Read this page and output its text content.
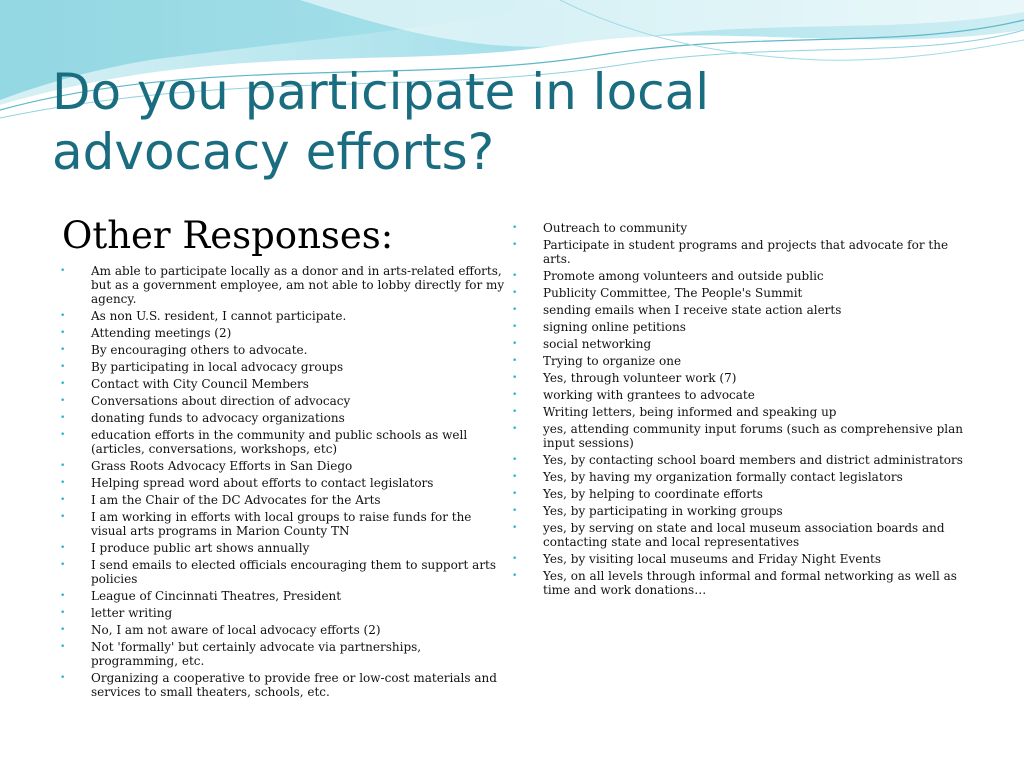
Do you participate in local advocacy efforts?
Other Responses:
•	Am able to participate locally as a donor and in arts-related efforts, but as a government employee, am not able to lobby directly for my agency.
•	As non U.S. resident, I cannot participate.
•	Attending meetings (2)
•	By encouraging others to advocate.
•	By participating in local advocacy groups
•	Contact with City Council Members
•	Conversations about direction of advocacy
•	donating funds to advocacy organizations
•	education efforts in the community and public schools as well (articles, conversations, workshops, etc)
•	Grass Roots Advocacy Efforts in San Diego
•	Helping spread word about efforts to contact legislators
•	I am the Chair of the DC Advocates for the Arts
•	I am working in efforts with local groups to raise funds for the visual arts programs in Marion County TN
•	I produce public art shows annually
•	I send emails to elected officials encouraging them to support arts policies
•	League of Cincinnati Theatres, President
•	letter writing
•	No, I am not aware of local advocacy efforts (2)
•	Not 'formally' but certainly advocate via partnerships, programming, etc.
•	Organizing a cooperative to provide free or low-cost materials and services to small theaters, schools, etc.
•	Outreach to community
•	Participate in student programs and projects that advocate for the arts.
•	Promote among volunteers and outside public
•	Publicity Committee, The People's Summit
•	sending emails when I receive state action alerts
•	signing online petitions
•	social networking
•	Trying to organize one
•	Yes, through volunteer work (7)
•	working with grantees to advocate
•	Writing letters, being informed and speaking up
•	yes, attending community input forums (such as comprehensive plan input sessions)
•	Yes, by contacting school board members and district administrators
•	Yes, by having my organization formally contact legislators
•	Yes, by helping to coordinate efforts
•	Yes, by participating in working groups
•	yes, by serving on state and local museum association boards and contacting state and local representatives
•	Yes, by visiting local museums and Friday Night Events
•	Yes, on all levels through informal and formal networking as well as time and work donations…
